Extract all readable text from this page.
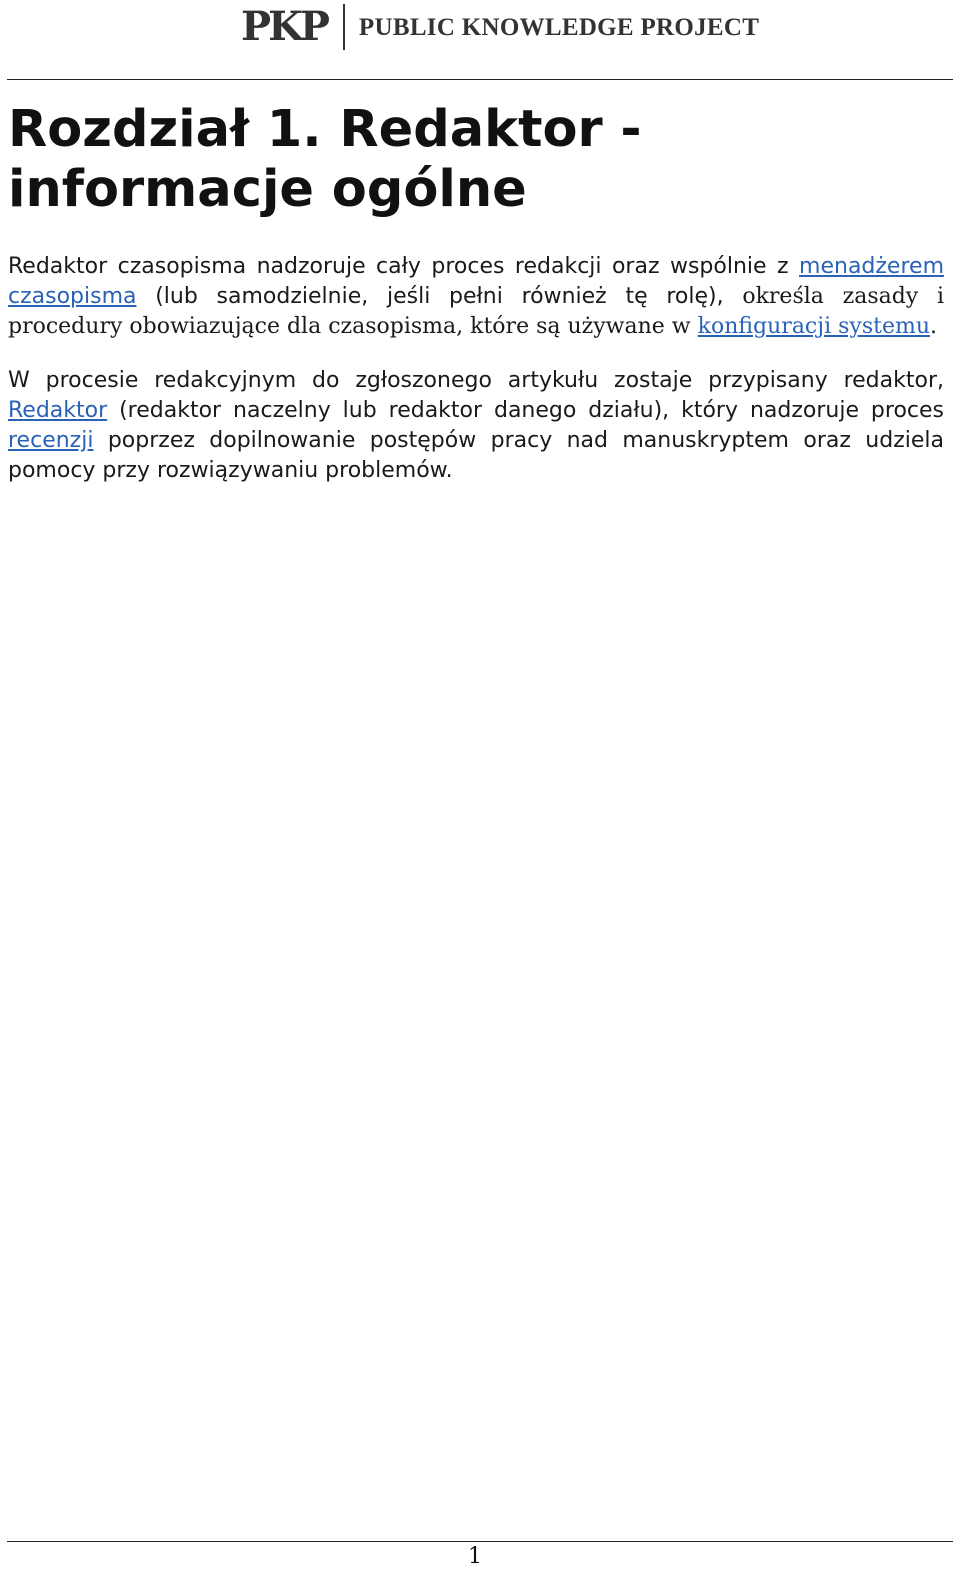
PKP PUBLIC KNOWLEDGE PROJECT
Rozdział 1. Redaktor - informacje ogólne

Redaktor czasopisma nadzoruje cały proces redakcji oraz wspólnie z menadżerem czasopisma (lub samodzielnie, jeśli pełni również tę rolę), określa zasady i procedury obowiazujące dla czasopisma, które są używane w konfiguracji systemu.

W procesie redakcyjnym do zgłoszonego artykułu zostaje przypisany redaktor, Redaktor (redaktor naczelny lub redaktor danego działu), który nadzoruje proces recenzji poprzez dopilnowanie postępów pracy nad manuskryptem oraz udziela pomocy przy rozwiązywaniu problemów.

1
